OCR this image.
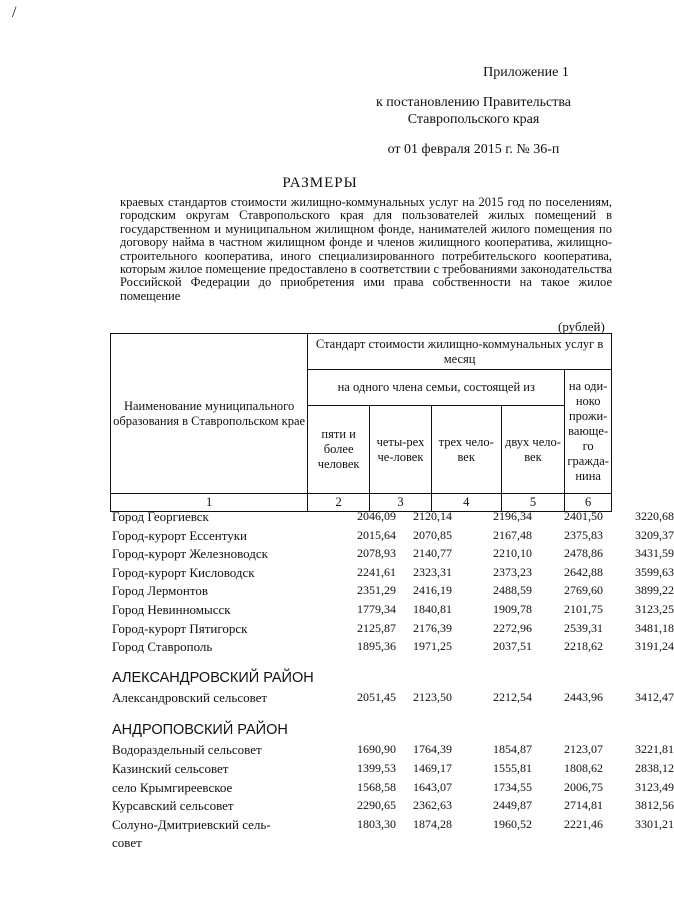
/
Приложение 1
к постановлению Правительства
Ставропольского края
от 01 февраля 2015 г. № 36-п
РАЗМЕРЫ

краевых стандартов стоимости жилищно-коммунальных услуг на 2015 год по поселениям, городским округам Ставропольского края для пользователей жилых помещений в государственном и муниципальном жилищном фонде, нанимателей жилого помещения по договору найма в частном жилищном фонде и членов жилищного кооператива, жилищно-строительного кооператива, иного специализированного потребительского кооператива, которым жилое помещение предоставлено в соответствии с требованиями законодательства Российской Федерации до приобретения ими права собственности на такое жилое помещение

(рублей)
Наименование муниципального образования в Ставропольском крае	Стандарт стоимости жилищно-коммунальных услуг в месяц				
	на одного члена семьи, состоящей из				на оди-ноко прожи-вающе-го гражда-нина
	пяти и более человек	четы-рех че-ловек	трех чело-век	двух чело-век	
1	2	3	4	5	6
Город Георгиевск	2046,09	2120,14	2196,34	2401,50	3220,68
Город-курорт Ессентуки	2015,64	2070,85	2167,48	2375,83	3209,37
Город-курорт Железноводск	2078,93	2140,77	2210,10	2478,86	3431,59
Город-курорт Кисловодск	2241,61	2323,31	2373,23	2642,88	3599,63
Город Лермонтов	2351,29	2416,19	2488,59	2769,60	3899,22
Город Невинномысск	1779,34	1840,81	1909,78	2101,75	3123,25
Город-курорт Пятигорск	2125,87	2176,39	2272,96	2539,31	3481,18
Город Ставрополь	1895,36	1971,25	2037,51	2218,62	3191,24
АЛЕКСАНДРОВСКИЙ РАЙОН
Александровский сельсовет	2051,45	2123,50	2212,54	2443,96	3412,47
АНДРОПОВСКИЙ РАЙОН
Водораздельный сельсовет	1690,90	1764,39	1854,87	2123,07	3221,81
Казинский сельсовет	1399,53	1469,17	1555,81	1808,62	2838,12
село Крымгиреевское	1568,58	1643,07	1734,55	2006,75	3123,49
Курсавский сельсовет	2290,65	2362,63	2449,87	2714,81	3812,56
Солуно-Дмитриевский сель-	1803,30	1874,28	1960,52	2221,46	3301,21
совет
